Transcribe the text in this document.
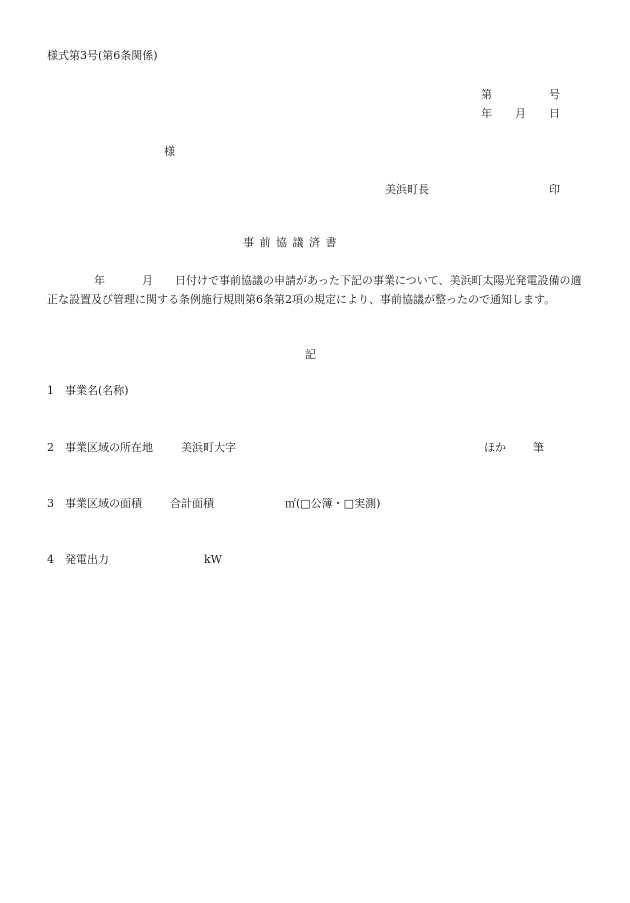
様式第3号(第6条関係)
第	号
年 月 日
様
美浜町長	印
事 前 協 議 済 書
年	月 日付けで事前協議の申請があった下記の事業について、美浜町太陽光発電設備の適正な設置及び管理に関する条例施行規則第6条第2項の規定により、事前協議が整ったので通知します。
記
1 事業名(名称)
2 事業区域の所在地	美浜町大字	ほか 筆
3 事業区域の面積	合計面積	㎡(□公簿・□実測)
4 発電出力	kW
